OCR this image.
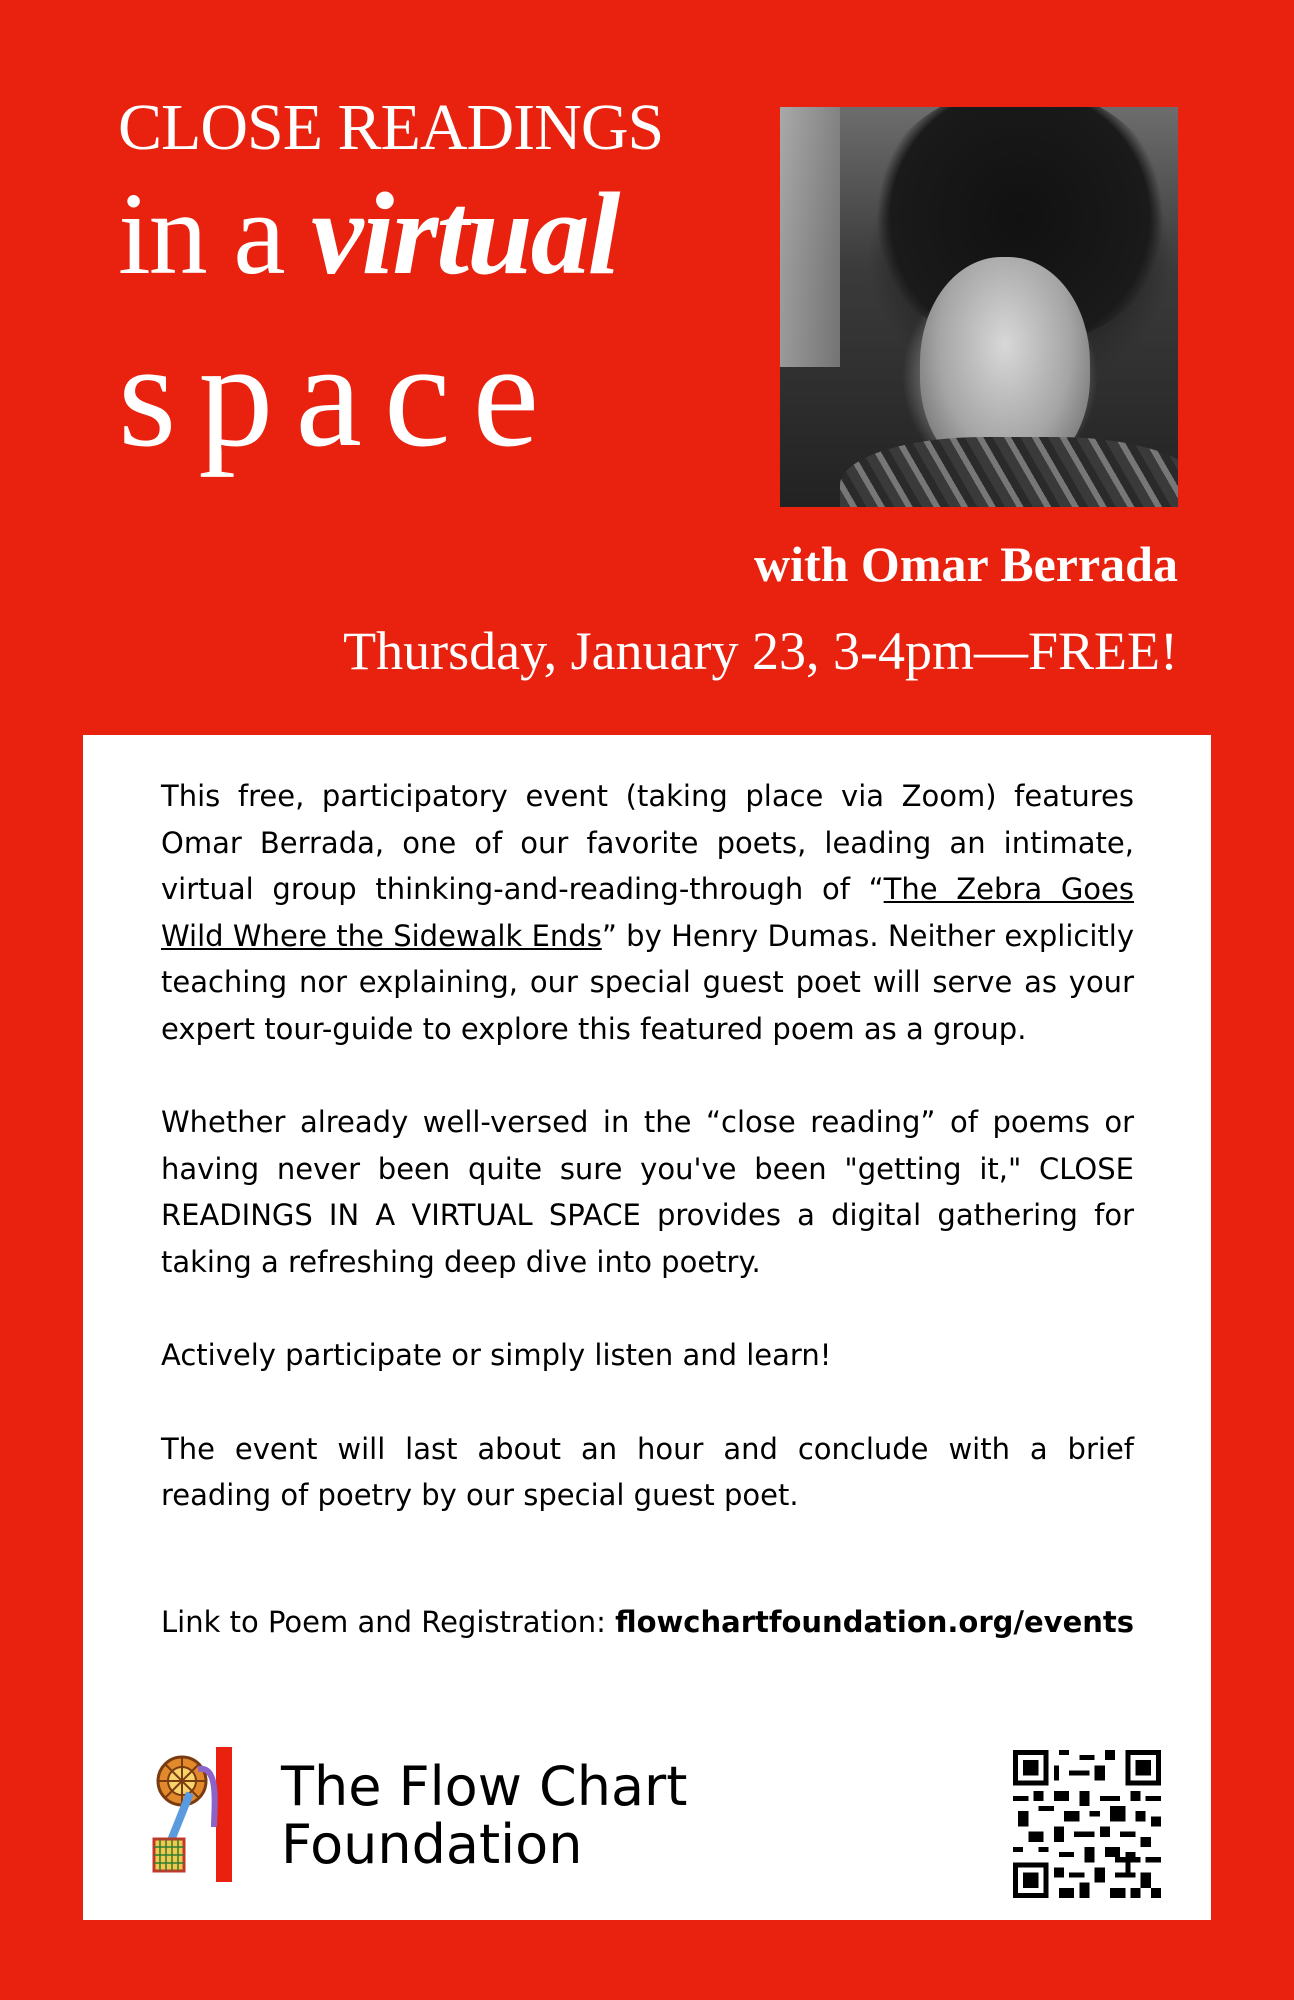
CLOSE READINGS
in a virtual
space
with Omar Berrada
Thursday, January 23, 3-4pm—FREE!

This free, participatory event (taking place via Zoom) features Omar Berrada, one of our favorite poets, leading an intimate, virtual group thinking-and-reading-through of “The Zebra Goes Wild Where the Sidewalk Ends” by Henry Dumas. Neither explicitly teaching nor explaining, our special guest poet will serve as your expert tour-guide to explore this featured poem as a group.

Whether already well-versed in the “close reading” of poems or having never been quite sure you've been "getting it," CLOSE READINGS IN A VIRTUAL SPACE provides a digital gathering for taking a refreshing deep dive into poetry.

Actively participate or simply listen and learn!

The event will last about an hour and conclude with a brief reading of poetry by our special guest poet.

Link to Poem and Registration: flowchartfoundation.org/events
The Flow Chart
Foundation
